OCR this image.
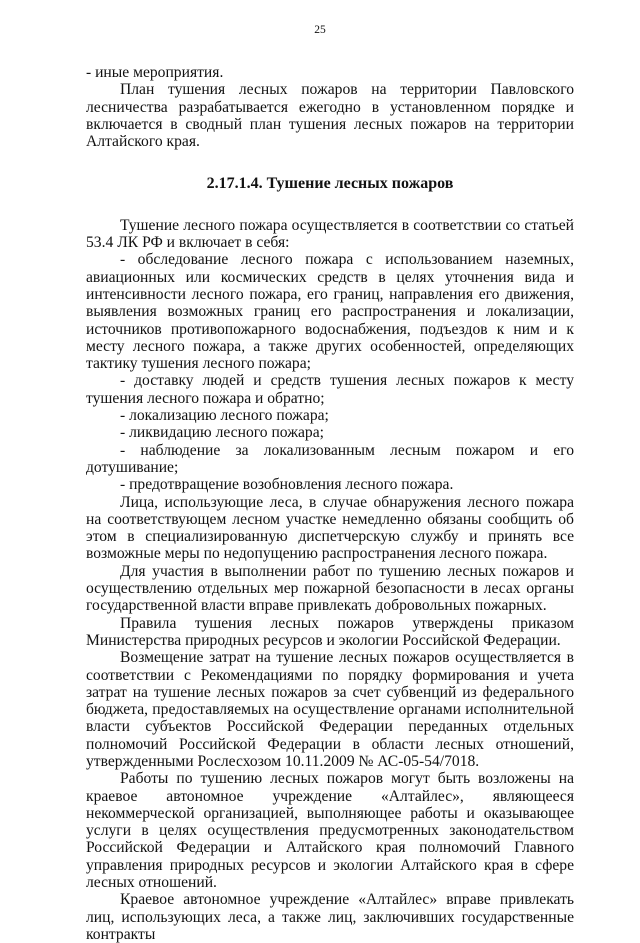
25

- иные мероприятия.

План тушения лесных пожаров на территории Павловского лесничества разрабатывается ежегодно в установленном порядке и включается в сводный план тушения лесных пожаров на территории Алтайского края.

2.17.1.4. Тушение лесных пожаров

Тушение лесного пожара осуществляется в соответствии со статьей 53.4 ЛК РФ и включает в себя:

- обследование лесного пожара с использованием наземных, авиационных или космических средств в целях уточнения вида и интенсивности лесного пожара, его границ, направления его движения, выявления возможных границ его распространения и локализации, источников противопожарного водоснабжения, подъездов к ним и к месту лесного пожара, а также других особенностей, определяющих тактику тушения лесного пожара;

- доставку людей и средств тушения лесных пожаров к месту тушения лесного пожара и обратно;

- локализацию лесного пожара;

- ликвидацию лесного пожара;

- наблюдение за локализованным лесным пожаром и его дотушивание;

- предотвращение возобновления лесного пожара.

Лица, использующие леса, в случае обнаружения лесного пожара на соответствующем лесном участке немедленно обязаны сообщить об этом в специализированную диспетчерскую службу и принять все возможные меры по недопущению распространения лесного пожара.

Для участия в выполнении работ по тушению лесных пожаров и осуществлению отдельных мер пожарной безопасности в лесах органы государственной власти вправе привлекать добровольных пожарных.

Правила тушения лесных пожаров утверждены приказом Министерства природных ресурсов и экологии Российской Федерации.

Возмещение затрат на тушение лесных пожаров осуществляется в соответствии с Рекомендациями по порядку формирования и учета затрат на тушение лесных пожаров за счет субвенций из федерального бюджета, предоставляемых на осуществление органами исполнительной власти субъектов Российской Федерации переданных отдельных полномочий Российской Федерации в области лесных отношений, утвержденными Рослесхозом 10.11.2009 № АС-05-54/7018.

Работы по тушению лесных пожаров могут быть возложены на краевое автономное учреждение «Алтайлес», являющееся некоммерческой организацией, выполняющее работы и оказывающее услуги в целях осуществления предусмотренных законодательством Российской Федерации и Алтайского края полномочий Главного управления природных ресурсов и экологии Алтайского края в сфере лесных отношений.

Краевое автономное учреждение «Алтайлес» вправе привлекать лиц, использующих леса, а также лиц, заключивших государственные контракты
